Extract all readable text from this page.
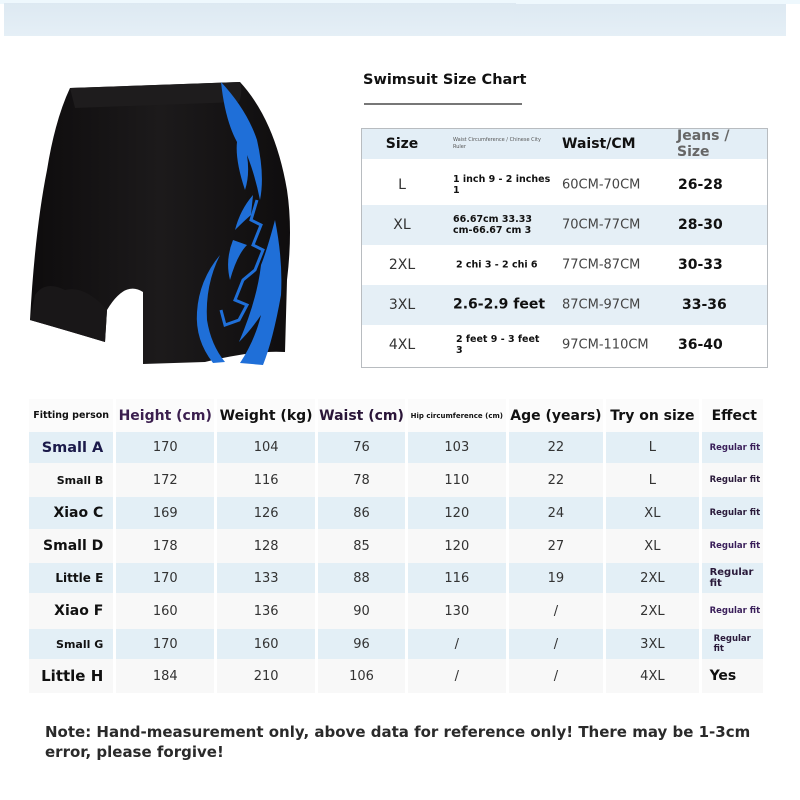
Swimsuit Size Chart
Size	Waist Circumference / Chinese City Ruler	Waist/CM	Jeans / Size
L	1 inch 9 - 2 inches 1	60CM-70CM	26-28
XL	66.67cm 33.33 cm-66.67 cm 3	70CM-77CM	28-30
2XL	2 chi 3 - 2 chi 6	77CM-87CM	30-33
3XL	2.6-2.9 feet	87CM-97CM	33-36
4XL	2 feet 9 - 3 feet 3	97CM-110CM	36-40
Fitting person	Height (cm)	Weight (kg)	Waist (cm)	Hip circumference (cm)	Age (years)	Try on size	Effect
Small A	170	104	76	103	22	L	Regular fit
Small B	172	116	78	110	22	L	Regular fit
Xiao C	169	126	86	120	24	XL	Regular fit
Small D	178	128	85	120	27	XL	Regular fit
Little E	170	133	88	116	19	2XL	Regular fit
Xiao F	160	136	90	130	/	2XL	Regular fit
Small G	170	160	96	/	/	3XL	Regular fit
Little H	184	210	106	/	/	4XL	Yes
Note: Hand-measurement only, above data for reference only! There may be 1-3cm error, please forgive!
